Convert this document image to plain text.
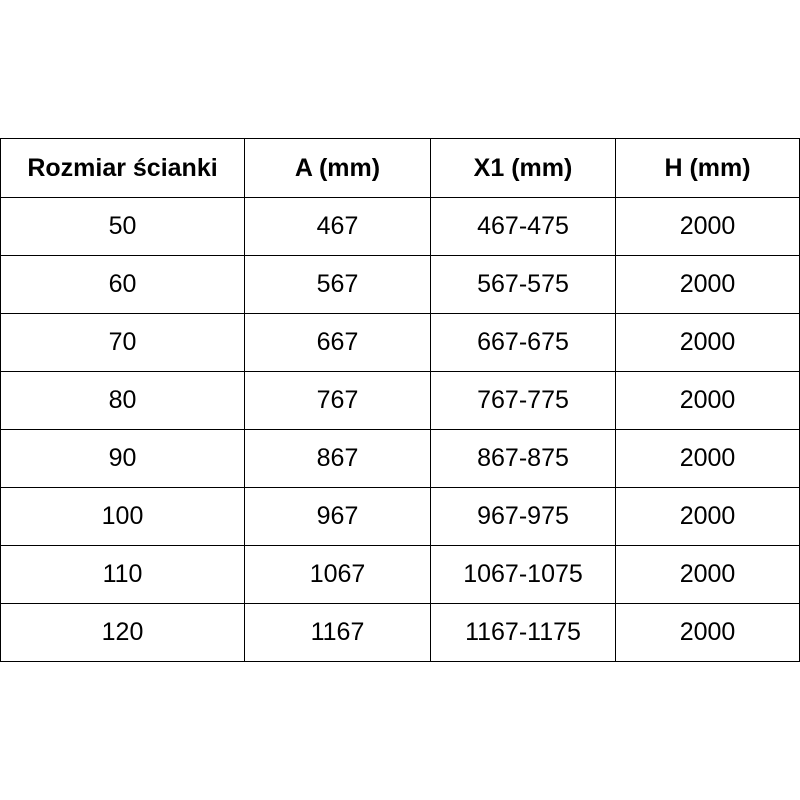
Rozmiar ścianki	A (mm)	X1 (mm)	H (mm)
50	467	467-475	2000
60	567	567-575	2000
70	667	667-675	2000
80	767	767-775	2000
90	867	867-875	2000
100	967	967-975	2000
110	1067	1067-1075	2000
120	1167	1167-1175	2000
